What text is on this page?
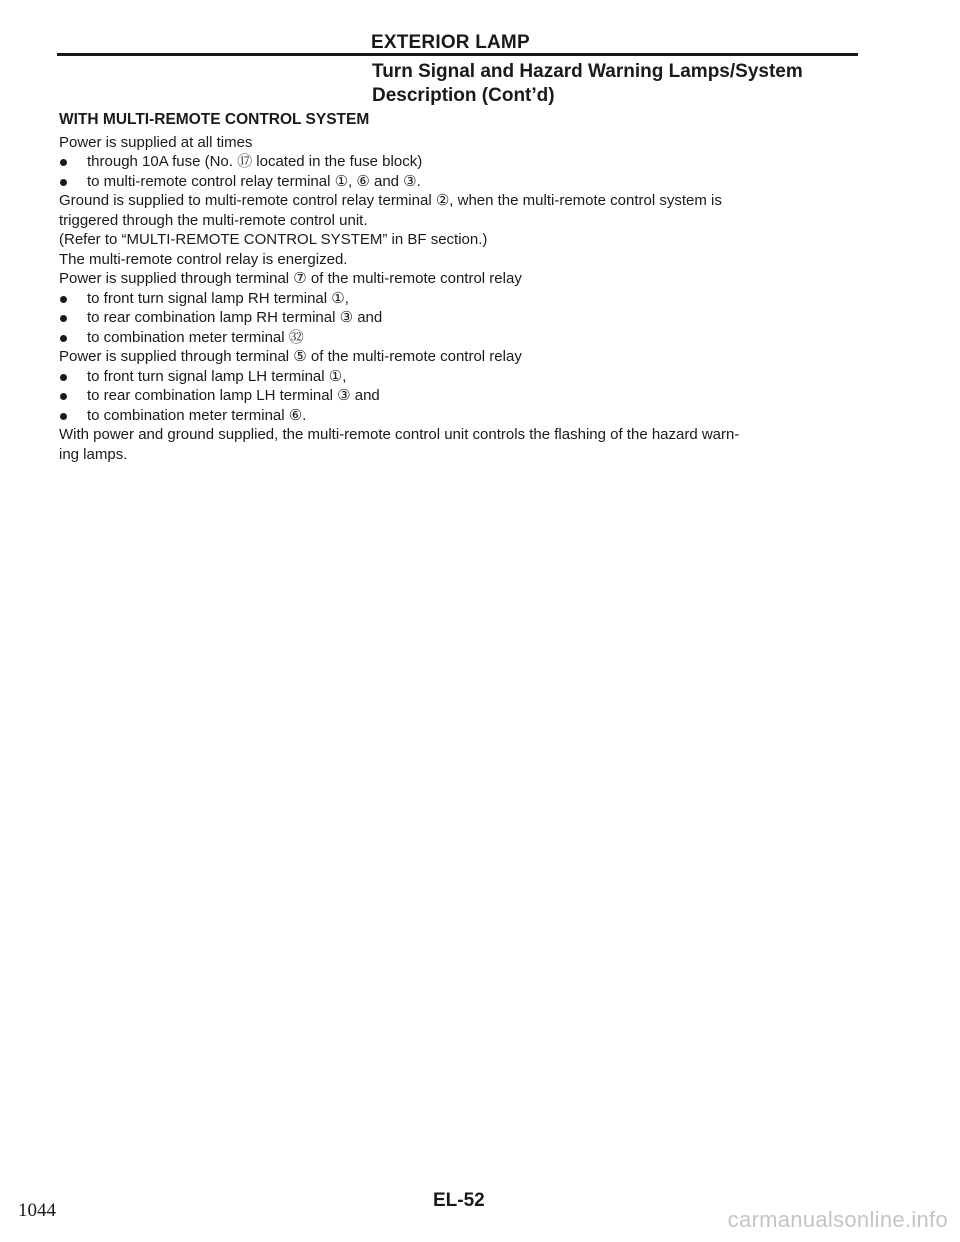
EXTERIOR LAMP
Turn Signal and Hazard Warning Lamps/System
Description (Cont’d)
WITH MULTI-REMOTE CONTROL SYSTEM
Power is supplied at all times
through 10A fuse (No. ⑰ located in the fuse block)
to multi-remote control relay terminal ①, ⑥ and ③.
Ground is supplied to multi-remote control relay terminal ②, when the multi-remote control system is
triggered through the multi-remote control unit.
(Refer to “MULTI-REMOTE CONTROL SYSTEM” in BF section.)
The multi-remote control relay is energized.
Power is supplied through terminal ⑦ of the multi-remote control relay
to front turn signal lamp RH terminal ①,
to rear combination lamp RH terminal ③ and
to combination meter terminal ㉜
Power is supplied through terminal ⑤ of the multi-remote control relay
to front turn signal lamp LH terminal ①,
to rear combination lamp LH terminal ③ and
to combination meter terminal ⑥.
With power and ground supplied, the multi-remote control unit controls the flashing of the hazard warn-
ing lamps.
EL-52
1044	carmanualsonline.info
